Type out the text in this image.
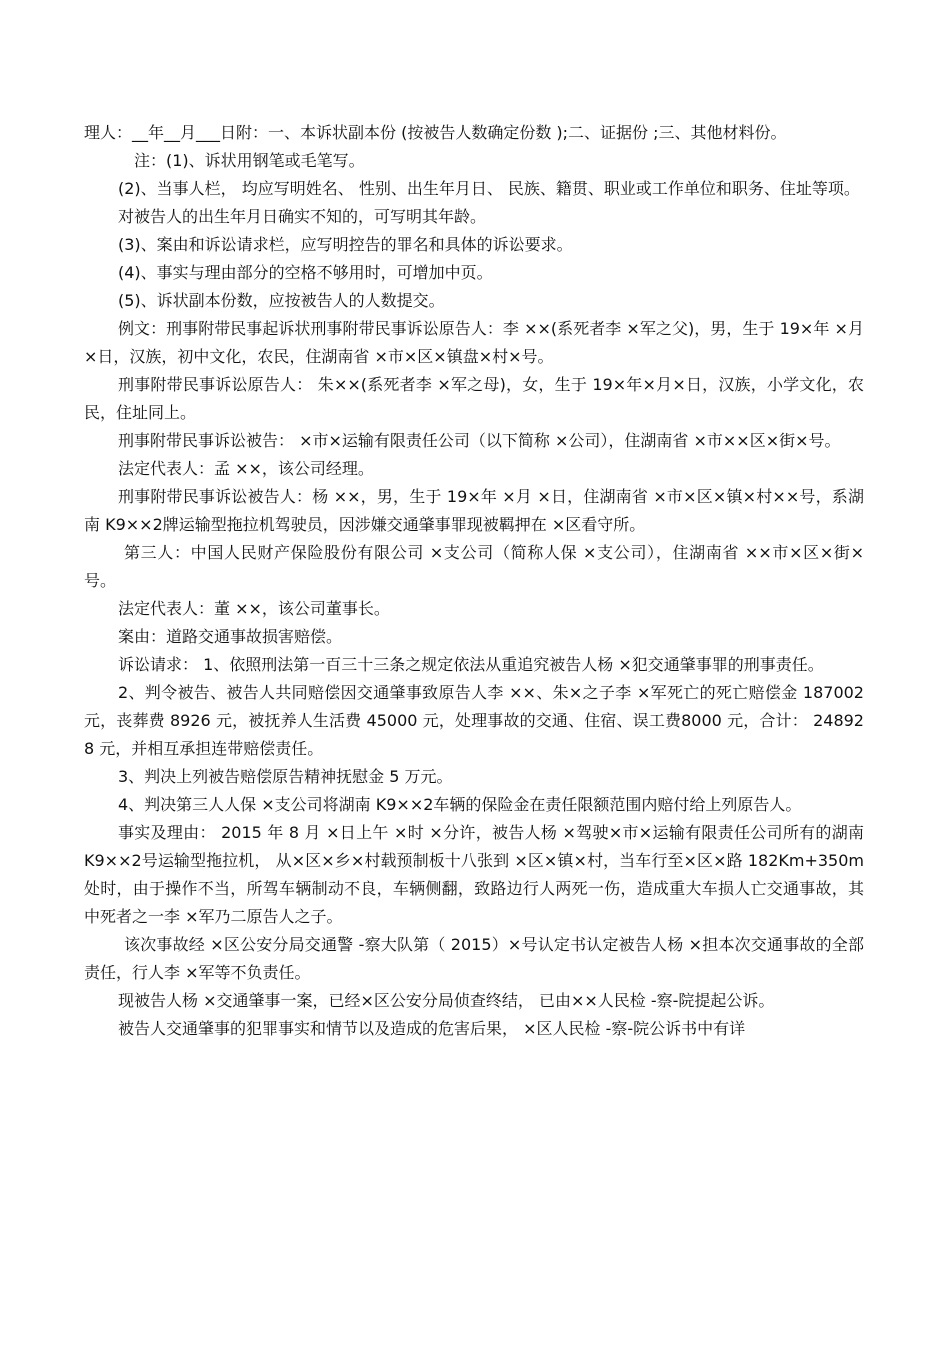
理人：__年__月___日附：一、本诉状副本份 (按被告人数确定份数 );二、证据份 ;三、其他材料份。

注：(1)、诉状用钢笔或毛笔写。

(2)、当事人栏， 均应写明姓名、 性别、出生年月日、 民族、籍贯、职业或工作单位和职务、住址等项。

对被告人的出生年月日确实不知的，可写明其年龄。

(3)、案由和诉讼请求栏，应写明控告的罪名和具体的诉讼要求。

(4)、事实与理由部分的空格不够用时，可增加中页。

(5)、诉状副本份数，应按被告人的人数提交。

例文：刑事附带民事起诉状刑事附带民事诉讼原告人：李 ××(系死者李 ×军之父)，男，生于 19×年 ×月 ×日，汉族，初中文化，农民，住湖南省 ×市×区×镇盘×村×号。

刑事附带民事诉讼原告人： 朱××(系死者李 ×军之母)，女，生于 19×年×月×日，汉族，小学文化，农民，住址同上。

刑事附带民事诉讼被告： ×市×运输有限责任公司（以下简称 ×公司），住湖南省 ×市××区×街×号。

法定代表人：孟 ××，该公司经理。

刑事附带民事诉讼被告人：杨 ××，男，生于 19×年 ×月 ×日，住湖南省 ×市×区×镇×村××号，系湖南 K9××2牌运输型拖拉机驾驶员，因涉嫌交通肇事罪现被羁押在 ×区看守所。

第三人：中国人民财产保险股份有限公司 ×支公司（简称人保 ×支公司），住湖南省 ××市×区×街×号。

法定代表人：董 ××，该公司董事长。

案由：道路交通事故损害赔偿。

诉讼请求： 1、依照刑法第一百三十三条之规定依法从重追究被告人杨 ×犯交通肇事罪的刑事责任。

2、判令被告、被告人共同赔偿因交通肇事致原告人李 ××、朱×之子李 ×军死亡的死亡赔偿金 187002 元，丧葬费 8926 元，被抚养人生活费 45000 元，处理事故的交通、住宿、误工费8000 元，合计： 248928 元，并相互承担连带赔偿责任。

3、判决上列被告赔偿原告精神抚慰金 5 万元。

4、判决第三人人保 ×支公司将湖南 K9××2车辆的保险金在责任限额范围内赔付给上列原告人。

事实及理由： 2015 年 8 月 ×日上午 ×时 ×分许，被告人杨 ×驾驶×市×运输有限责任公司所有的湖南 K9××2号运输型拖拉机， 从×区×乡×村载预制板十八张到 ×区×镇×村，当车行至×区×路 182Km+350m 处时，由于操作不当，所驾车辆制动不良，车辆侧翻，致路边行人两死一伤，造成重大车损人亡交通事故，其中死者之一李 ×军乃二原告人之子。

该次事故经 ×区公安分局交通警 -察大队第（ 2015）×号认定书认定被告人杨 ×担本次交通事故的全部责任，行人李 ×军等不负责任。

现被告人杨 ×交通肇事一案，已经×区公安分局侦查终结， 已由××人民检 -察-院提起公诉。

被告人交通肇事的犯罪事实和情节以及造成的危害后果， ×区人民检 -察-院公诉书中有详
